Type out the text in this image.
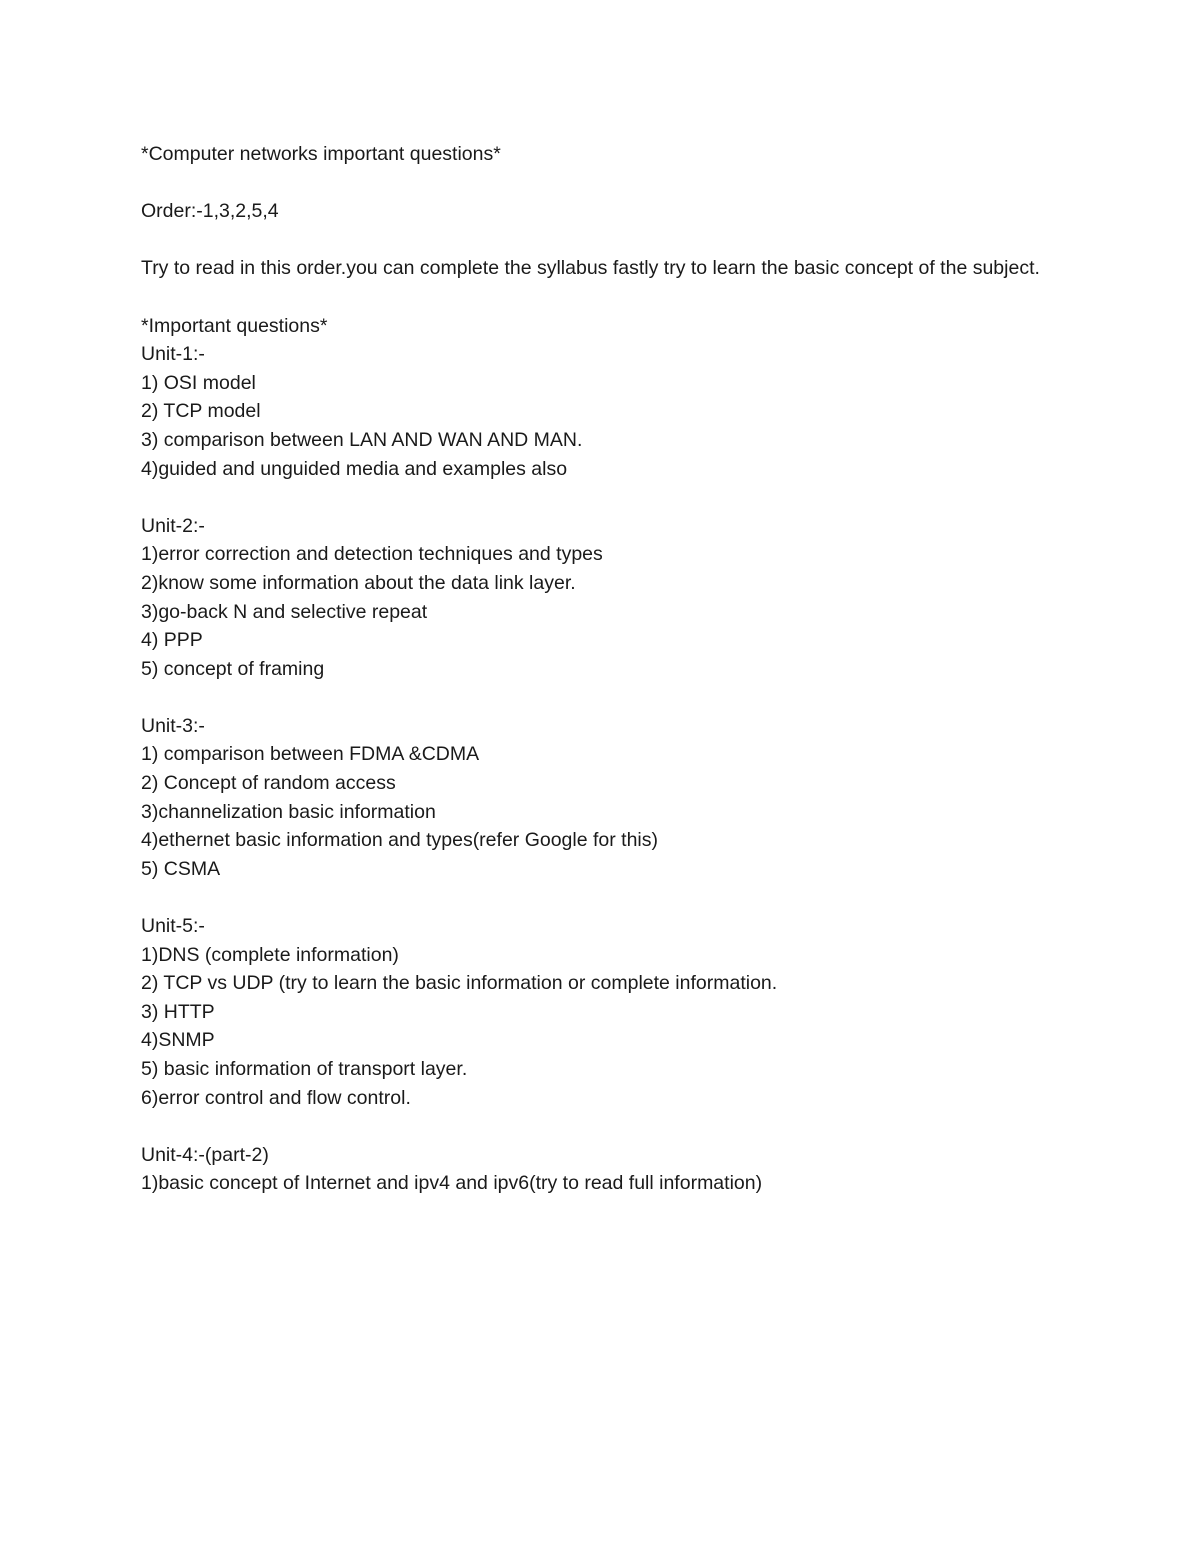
*Computer networks important questions*
Order:-1,3,2,5,4
Try to read in this order.you can complete the syllabus fastly try to learn the basic concept of the subject.
*Important questions*
Unit-1:-
1) OSI model
2) TCP model
3) comparison between LAN AND WAN AND MAN.
4)guided and unguided media and examples also
Unit-2:-
1)error correction and detection techniques and types
2)know some information about the data link layer.
3)go-back N and selective repeat
4) PPP
5) concept of framing
Unit-3:-
1) comparison between FDMA &CDMA
2) Concept of random access
3)channelization basic information
4)ethernet basic information and types(refer Google for this)
5) CSMA
Unit-5:-
1)DNS (complete information)
2) TCP vs UDP (try to learn the basic information or complete information.
3) HTTP
4)SNMP
5) basic information of transport layer.
6)error control and flow control.
Unit-4:-(part-2)
1)basic concept of Internet and ipv4 and ipv6(try to read full information)
